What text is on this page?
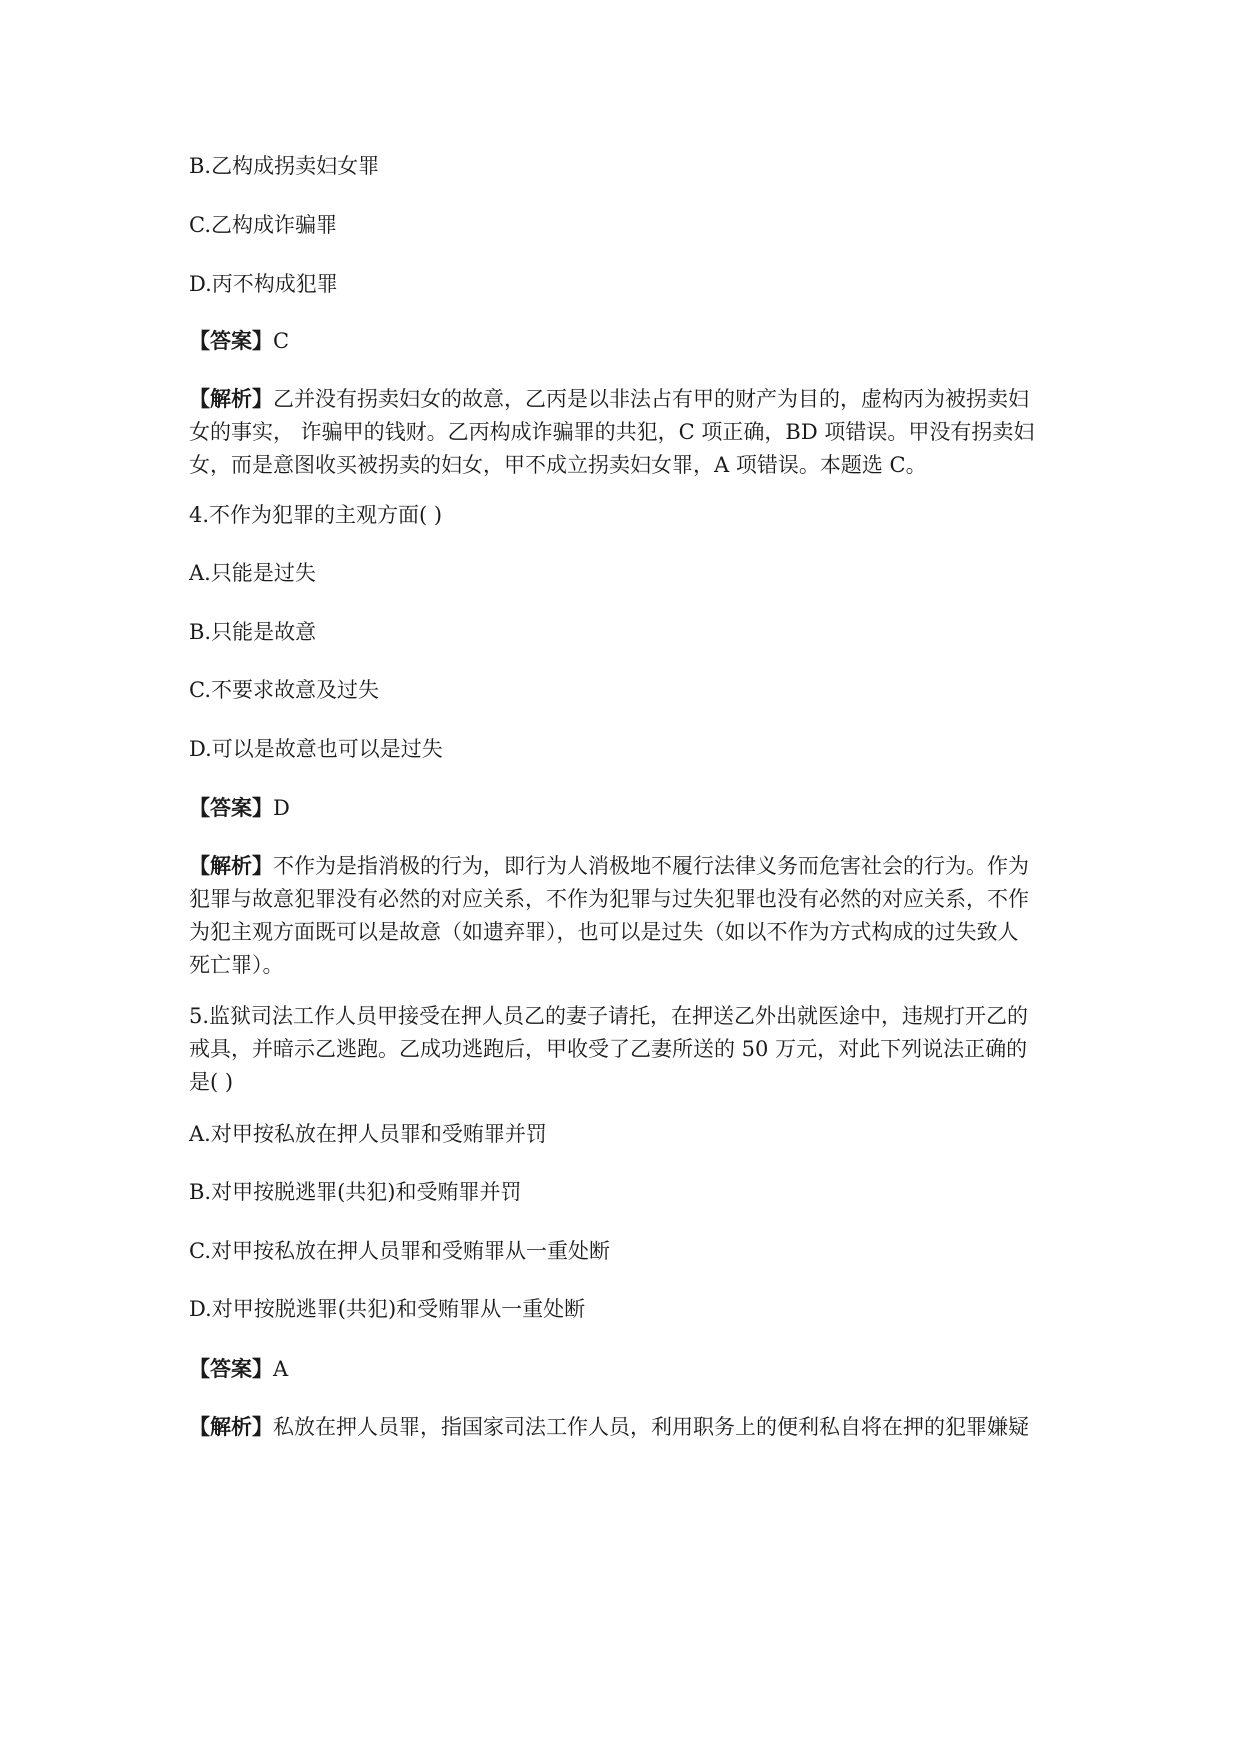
B.乙构成拐卖妇女罪

C.乙构成诈骗罪

D.丙不构成犯罪

【答案】C

【解析】乙并没有拐卖妇女的故意，乙丙是以非法占有甲的财产为目的，虚构丙为被拐卖妇
女的事实， 诈骗甲的钱财。乙丙构成诈骗罪的共犯，C 项正确，BD 项错误。甲没有拐卖妇
女，而是意图收买被拐卖的妇女，甲不成立拐卖妇女罪，A 项错误。本题选 C。

4.不作为犯罪的主观方面( )

A.只能是过失

B.只能是故意

C.不要求故意及过失

D.可以是故意也可以是过失

【答案】D

【解析】不作为是指消极的行为，即行为人消极地不履行法律义务而危害社会的行为。作为
犯罪与故意犯罪没有必然的对应关系，不作为犯罪与过失犯罪也没有必然的对应关系，不作
为犯主观方面既可以是故意（如遗弃罪），也可以是过失（如以不作为方式构成的过失致人
死亡罪）。
5.监狱司法工作人员甲接受在押人员乙的妻子请托，在押送乙外出就医途中，违规打开乙的
戒具，并暗示乙逃跑。乙成功逃跑后，甲收受了乙妻所送的 50 万元，对此下列说法正确的
是( )

A.对甲按私放在押人员罪和受贿罪并罚

B.对甲按脱逃罪(共犯)和受贿罪并罚

C.对甲按私放在押人员罪和受贿罪从一重处断

D.对甲按脱逃罪(共犯)和受贿罪从一重处断

【答案】A

【解析】私放在押人员罪，指国家司法工作人员，利用职务上的便利私自将在押的犯罪嫌疑
